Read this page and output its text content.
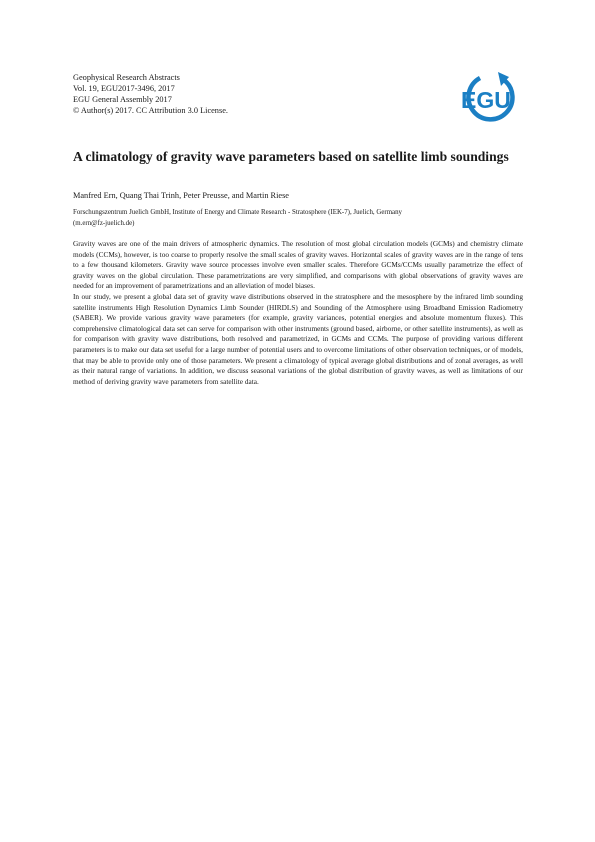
Geophysical Research Abstracts
Vol. 19, EGU2017-3496, 2017
EGU General Assembly 2017
© Author(s) 2017. CC Attribution 3.0 License.	EGU
A climatology of gravity wave parameters based on satellite limb soundings
Manfred Ern, Quang Thai Trinh, Peter Preusse, and Martin Riese
Forschungszentrum Juelich GmbH, Institute of Energy and Climate Research - Stratosphere (IEK-7), Juelich, Germany
(m.ern@fz-juelich.de)

Gravity waves are one of the main drivers of atmospheric dynamics. The resolution of most global circulation models (GCMs) and chemistry climate models (CCMs), however, is too coarse to properly resolve the small scales of gravity waves. Horizontal scales of gravity waves are in the range of tens to a few thousand kilometers. Gravity wave source processes involve even smaller scales. Therefore GCMs/CCMs usually parametrize the effect of gravity waves on the global circulation. These parametrizations are very simplified, and comparisons with global observations of gravity waves are needed for an improvement of parametrizations and an alleviation of model biases.

In our study, we present a global data set of gravity wave distributions observed in the stratosphere and the mesosphere by the infrared limb sounding satellite instruments High Resolution Dynamics Limb Sounder (HIRDLS) and Sounding of the Atmosphere using Broadband Emission Radiometry (SABER). We provide various gravity wave parameters (for example, gravity variances, potential energies and absolute momentum fluxes). This comprehensive climatological data set can serve for comparison with other instruments (ground based, airborne, or other satellite instruments), as well as for comparison with gravity wave distributions, both resolved and parametrized, in GCMs and CCMs. The purpose of providing various different parameters is to make our data set useful for a large number of potential users and to overcome limitations of other observation techniques, or of models, that may be able to provide only one of those parameters. We present a climatology of typical average global distributions and of zonal averages, as well as their natural range of variations. In addition, we discuss seasonal variations of the global distribution of gravity waves, as well as limitations of our method of deriving gravity wave parameters from satellite data.
